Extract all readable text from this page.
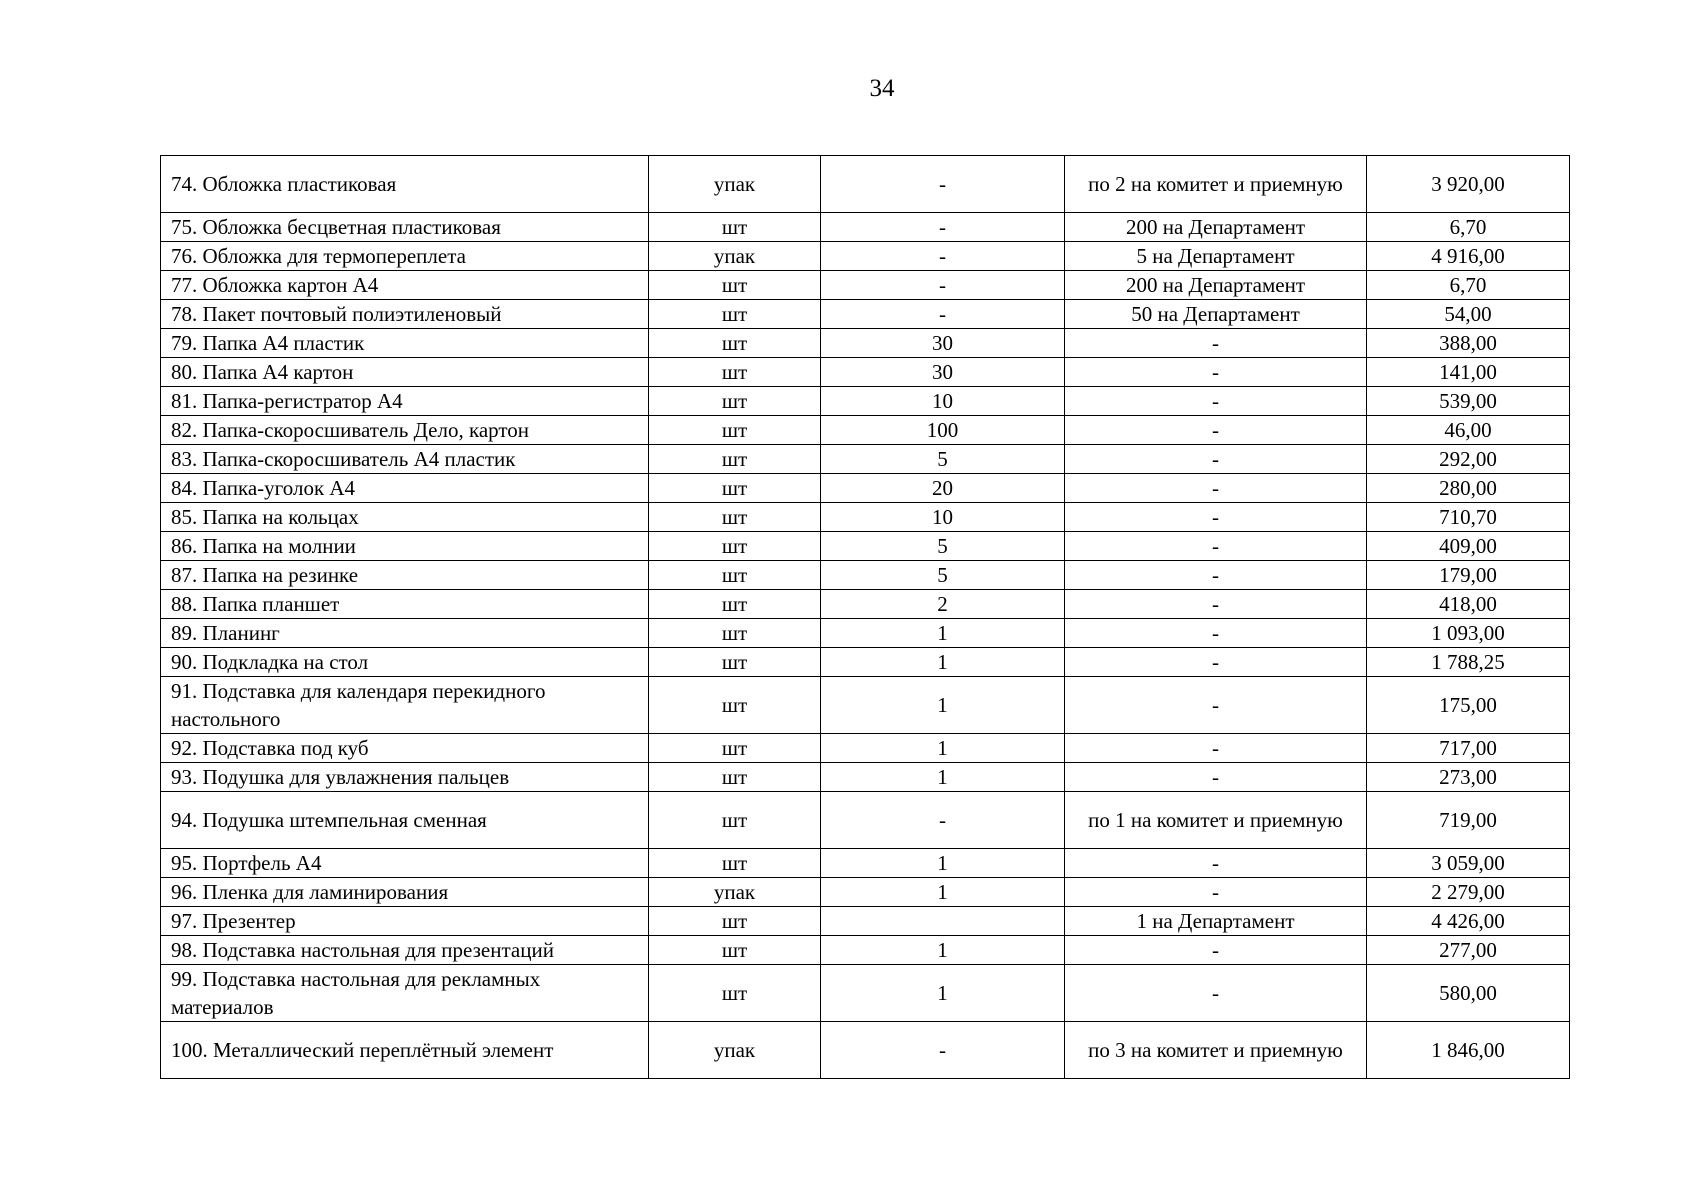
34
74. Обложка пластиковая	упак	-	по 2 на комитет и приемную	3 920,00
75. Обложка бесцветная пластиковая	шт	-	200 на Департамент	6,70
76. Обложка для термопереплета	упак	-	5 на Департамент	4 916,00
77. Обложка картон А4	шт	-	200 на Департамент	6,70
78. Пакет почтовый полиэтиленовый	шт	-	50 на Департамент	54,00
79. Папка А4 пластик	шт	30	-	388,00
80. Папка А4 картон	шт	30	-	141,00
81. Папка-регистратор А4	шт	10	-	539,00
82. Папка-скоросшиватель Дело, картон	шт	100	-	46,00
83. Папка-скоросшиватель А4 пластик	шт	5	-	292,00
84. Папка-уголок А4	шт	20	-	280,00
85. Папка на кольцах	шт	10	-	710,70
86. Папка на молнии	шт	5	-	409,00
87. Папка на резинке	шт	5	-	179,00
88. Папка планшет	шт	2	-	418,00
89. Планинг	шт	1	-	1 093,00
90. Подкладка на стол	шт	1	-	1 788,25
91. Подставка для календаря перекидного настольного	шт	1	-	175,00
92. Подставка под куб	шт	1	-	717,00
93. Подушка для увлажнения пальцев	шт	1	-	273,00
94. Подушка штемпельная сменная	шт	-	по 1 на комитет и приемную	719,00
95. Портфель А4	шт	1	-	3 059,00
96. Пленка для ламинирования	упак	1	-	2 279,00
97. Презентер	шт		1 на Департамент	4 426,00
98. Подставка настольная для презентаций	шт	1	-	277,00
99. Подставка настольная для рекламных материалов	шт	1	-	580,00
100. Металлический переплётный элемент	упак	-	по 3 на комитет и приемную	1 846,00
